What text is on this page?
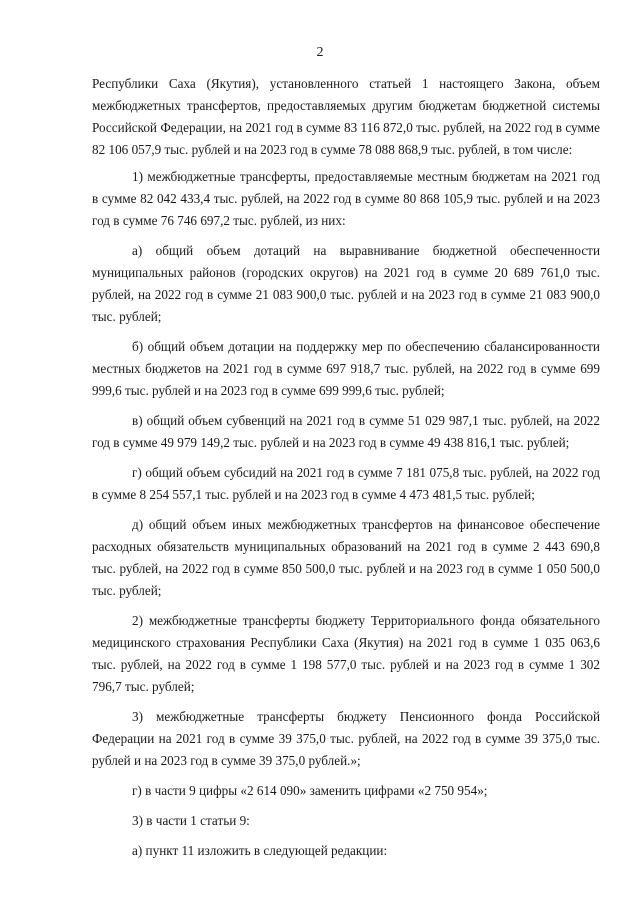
2

Республики Саха (Якутия), установленного статьей 1 настоящего Закона, объем межбюджетных трансфертов, предоставляемых другим бюджетам бюджетной системы Российской Федерации, на 2021 год в сумме 83 116 872,0 тыс. рублей, на 2022 год в сумме 82 106 057,9 тыс. рублей и на 2023 год в сумме 78 088 868,9 тыс. рублей, в том числе:

1) межбюджетные трансферты, предоставляемые местным бюджетам на 2021 год в сумме 82 042 433,4 тыс. рублей, на 2022 год в сумме 80 868 105,9 тыс. рублей и на 2023 год в сумме 76 746 697,2 тыс. рублей, из них:

а) общий объем дотаций на выравнивание бюджетной обеспеченности муниципальных районов (городских округов) на 2021 год в сумме 20 689 761,0 тыс. рублей, на 2022 год в сумме 21 083 900,0 тыс. рублей и на 2023 год в сумме 21 083 900,0 тыс. рублей;

б) общий объем дотации на поддержку мер по обеспечению сбалансированности местных бюджетов на 2021 год в сумме 697 918,7 тыс. рублей, на 2022 год в сумме 699 999,6 тыс. рублей и на 2023 год в сумме 699 999,6 тыс. рублей;

в) общий объем субвенций на 2021 год в сумме 51 029 987,1 тыс. рублей, на 2022 год в сумме 49 979 149,2 тыс. рублей и на 2023 год в сумме 49 438 816,1 тыс. рублей;

г) общий объем субсидий на 2021 год в сумме 7 181 075,8 тыс. рублей, на 2022 год в сумме 8 254 557,1 тыс. рублей и на 2023 год в сумме 4 473 481,5 тыс. рублей;

д) общий объем иных межбюджетных трансфертов на финансовое обеспечение расходных обязательств муниципальных образований на 2021 год в сумме 2 443 690,8 тыс. рублей, на 2022 год в сумме 850 500,0 тыс. рублей и на 2023 год в сумме 1 050 500,0 тыс. рублей;

2) межбюджетные трансферты бюджету Территориального фонда обязательного медицинского страхования Республики Саха (Якутия) на 2021 год в сумме 1 035 063,6 тыс. рублей, на 2022 год в сумме 1 198 577,0 тыс. рублей и на 2023 год в сумме 1 302 796,7 тыс. рублей;

3) межбюджетные трансферты бюджету Пенсионного фонда Российской Федерации на 2021 год в сумме 39 375,0 тыс. рублей, на 2022 год в сумме 39 375,0 тыс. рублей и на 2023 год в сумме 39 375,0 рублей.»;

г) в части 9 цифры «2 614 090» заменить цифрами «2 750 954»;

3) в части 1 статьи 9:

а) пункт 11 изложить в следующей редакции:
